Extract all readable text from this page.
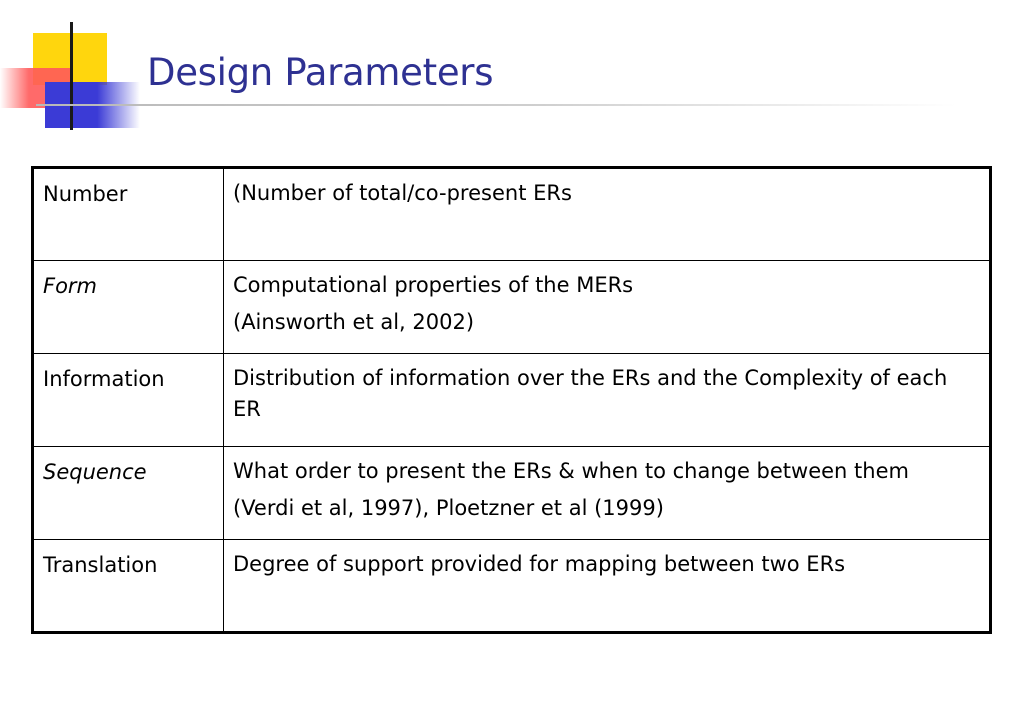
Design Parameters
Number	(Number of total/co-present ERs

Form	Computational properties of the MERs
(Ainsworth et al, 2002)

Information	Distribution of information over the ERs and the Complexity of each ER

Sequence	What order to present the ERs & when to change between them
(Verdi et al, 1997), Ploetzner et al (1999)

Translation	Degree of support provided for mapping between two ERs
